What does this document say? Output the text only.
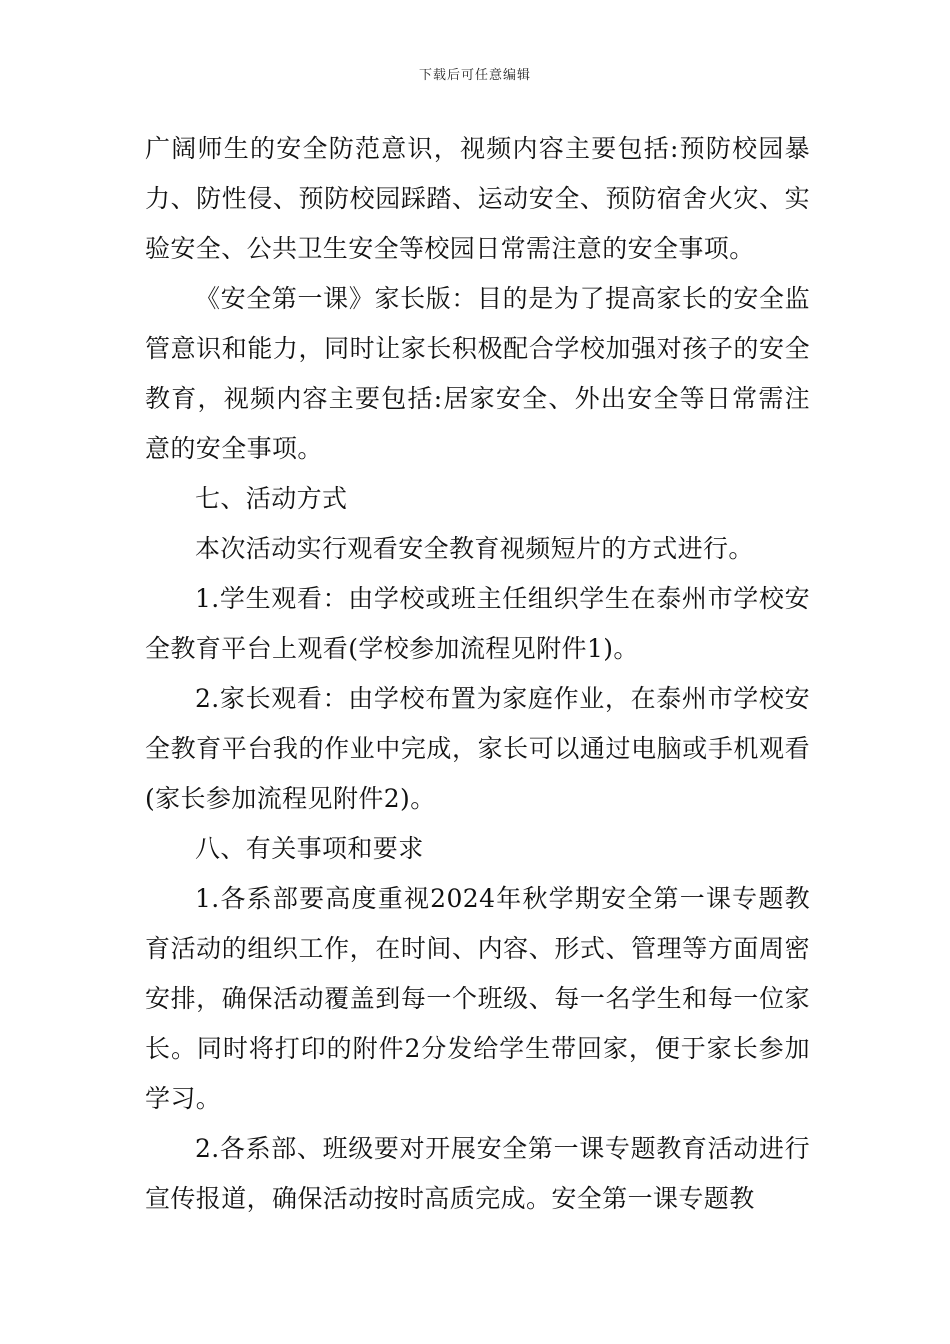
下载后可任意编辑

广阔师生的安全防范意识，视频内容主要包括:预防校园暴力、防性侵、预防校园踩踏、运动安全、预防宿舍火灾、实验安全、公共卫生安全等校园日常需注意的安全事项。

《安全第一课》家长版：目的是为了提高家长的安全监管意识和能力，同时让家长积极配合学校加强对孩子的安全教育，视频内容主要包括:居家安全、外出安全等日常需注意的安全事项。

七、活动方式

本次活动实行观看安全教育视频短片的方式进行。

1.学生观看：由学校或班主任组织学生在泰州市学校安全教育平台上观看(学校参加流程见附件1)。

2.家长观看：由学校布置为家庭作业，在泰州市学校安全教育平台我的作业中完成，家长可以通过电脑或手机观看(家长参加流程见附件2)。

八、有关事项和要求

1.各系部要高度重视2024年秋学期安全第一课专题教育活动的组织工作，在时间、内容、形式、管理等方面周密安排，确保活动覆盖到每一个班级、每一名学生和每一位家长。同时将打印的附件2分发给学生带回家，便于家长参加学习。

2.各系部、班级要对开展安全第一课专题教育活动进行宣传报道，确保活动按时高质完成。安全第一课专题教
